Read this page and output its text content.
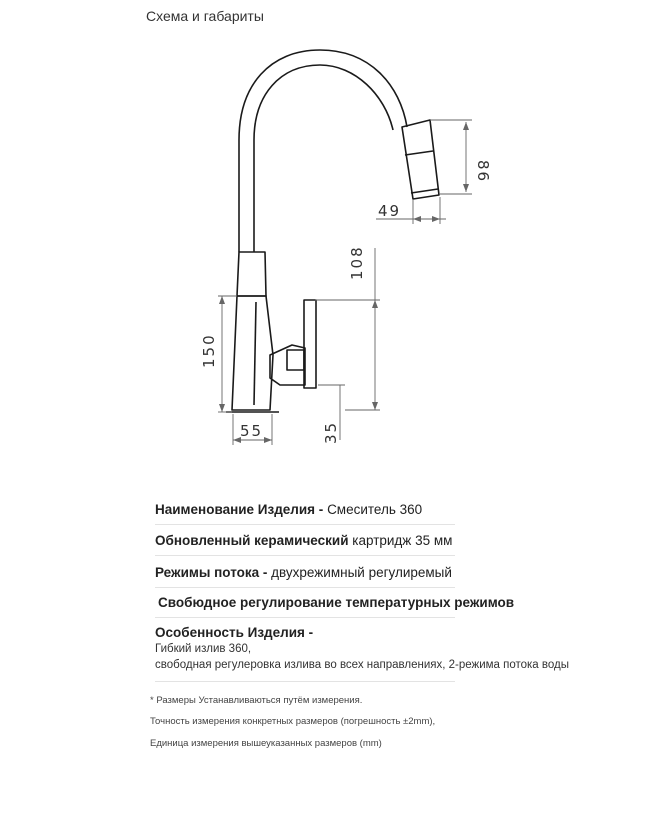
Схема и габариты
86
49
108
150
55	35
Наименование Изделия - Смеситель 360
Обновленный керамический картридж 35 мм
Режимы потока - двухрежимный регулиремый
Свобюдное регулирование температурных режимов
Особенность Изделия -
Гибкий излив 360,
свободная регулеровка излива во всех направлениях, 2-режима потока воды
* Размеры Устанавливаються путём измерения.
Точность измерения конкретных размеров (погрешность ±2mm),
Единица измерения вышеуказанных размеров (mm)
